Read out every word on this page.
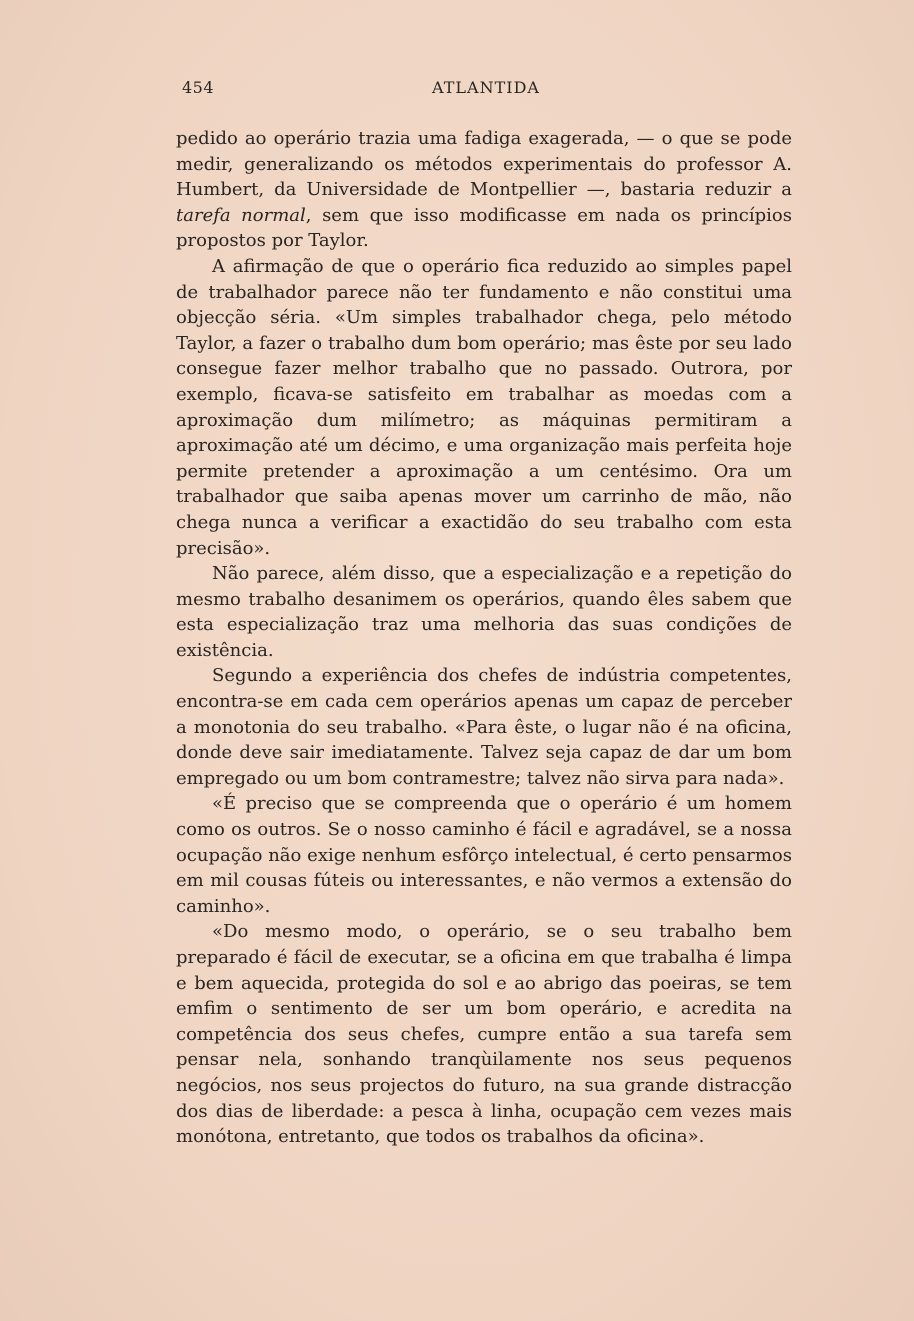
454	ATLANTIDA

pedido ao operário trazia uma fadiga exagerada, — o que se pode medir, generalizando os métodos experimentais do professor A. Humbert, da Universidade de Montpellier —, bastaria reduzir a tarefa normal, sem que isso modificasse em nada os princípios propostos por Taylor.

A afirmação de que o operário fica reduzido ao simples papel de trabalhador parece não ter fundamento e não constitui uma objecção séria. «Um simples trabalhador chega, pelo método Taylor, a fazer o trabalho dum bom operário; mas êste por seu lado consegue fazer melhor trabalho que no passado. Outrora, por exemplo, ficava-se satisfeito em trabalhar as moedas com a aproximação dum milímetro; as máquinas permitiram a aproximação até um décimo, e uma organização mais perfeita hoje permite pretender a aproximação a um centésimo. Ora um trabalhador que saiba apenas mover um carrinho de mão, não chega nunca a verificar a exactidão do seu trabalho com esta precisão».

Não parece, além disso, que a especialização e a repetição do mesmo trabalho desanimem os operários, quando êles sabem que esta especialização traz uma melhoria das suas condições de existência.

Segundo a experiência dos chefes de indústria competentes, encontra-se em cada cem operários apenas um capaz de perceber a monotonia do seu trabalho. «Para êste, o lugar não é na oficina, donde deve sair imediatamente. Talvez seja capaz de dar um bom empregado ou um bom contramestre; talvez não sirva para nada».

«É preciso que se compreenda que o operário é um homem como os outros. Se o nosso caminho é fácil e agradável, se a nossa ocupação não exige nenhum esfôrço intelectual, é certo pensarmos em mil cousas fúteis ou interessantes, e não vermos a extensão do caminho».

«Do mesmo modo, o operário, se o seu trabalho bem preparado é fácil de executar, se a oficina em que trabalha é limpa e bem aquecida, protegida do sol e ao abrigo das poeiras, se tem emfim o sentimento de ser um bom operário, e acredita na competência dos seus chefes, cumpre então a sua tarefa sem pensar nela, sonhando tranqùilamente nos seus pequenos negócios, nos seus projectos do futuro, na sua grande distracção dos dias de liberdade: a pesca à linha, ocupação cem vezes mais monótona, entretanto, que todos os trabalhos da oficina».
